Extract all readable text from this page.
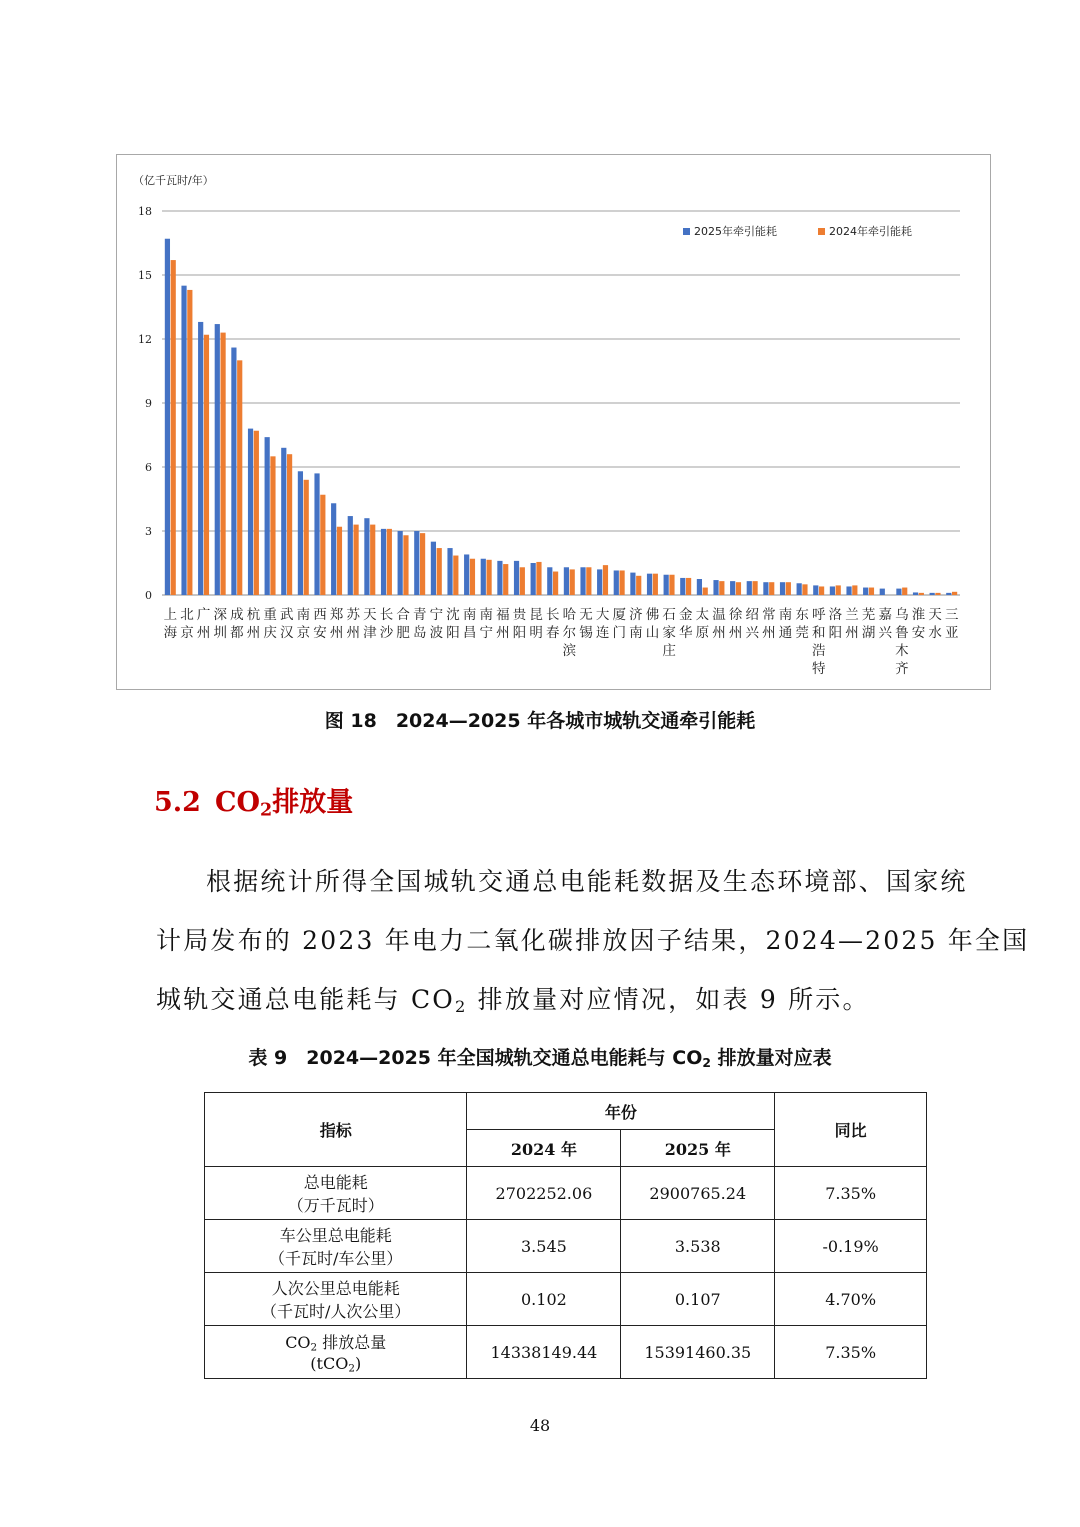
（亿千瓦时/年）
0
3
6
9
12
15
18
上海
北京
广州
深圳
成都
杭州
重庆
武汉
南京
西安
郑州
苏州
天津
长沙
合肥
青岛
宁波
沈阳
南昌
南宁
福州
贵阳
昆明
长春
哈尔滨
无锡
大连
厦门
济南
佛山
石家庄
金华
太原
温州
徐州
绍兴
常州
南通
东莞
呼和浩特
洛阳
兰州
芜湖
嘉兴
乌鲁木齐
淮安
天水
三亚
2025年牵引能耗	2024年牵引能耗
图 18　2024—2025 年各城市城轨交通牵引能耗
5.2 $CO_2$排放量
根据统计所得全国城轨交通总电能耗数据及生态环境部、国家统
计局发布的 2023 年电力二氧化碳排放因子结果，2024—2025 年全国
城轨交通总电能耗与 $CO_2$ 排放量对应情况，如表 9 所示。
表 9　2024—2025 年全国城轨交通总电能耗与 $CO_2$ 排放量对应表
指标	年份		同比
	2024 年	2025 年	

总电能耗
（万千瓦时）	2702252.06	2900765.24	7.35%

车公里总电能耗
（千瓦时/车公里）	3.545	3.538	-0.19%

人次公里总电能耗
（千瓦时/人次公里）	0.102	0.107	4.70%

$CO_2$ 排放总量
(tCO$_2$)	14338149.44	15391460.35	7.35%
48
